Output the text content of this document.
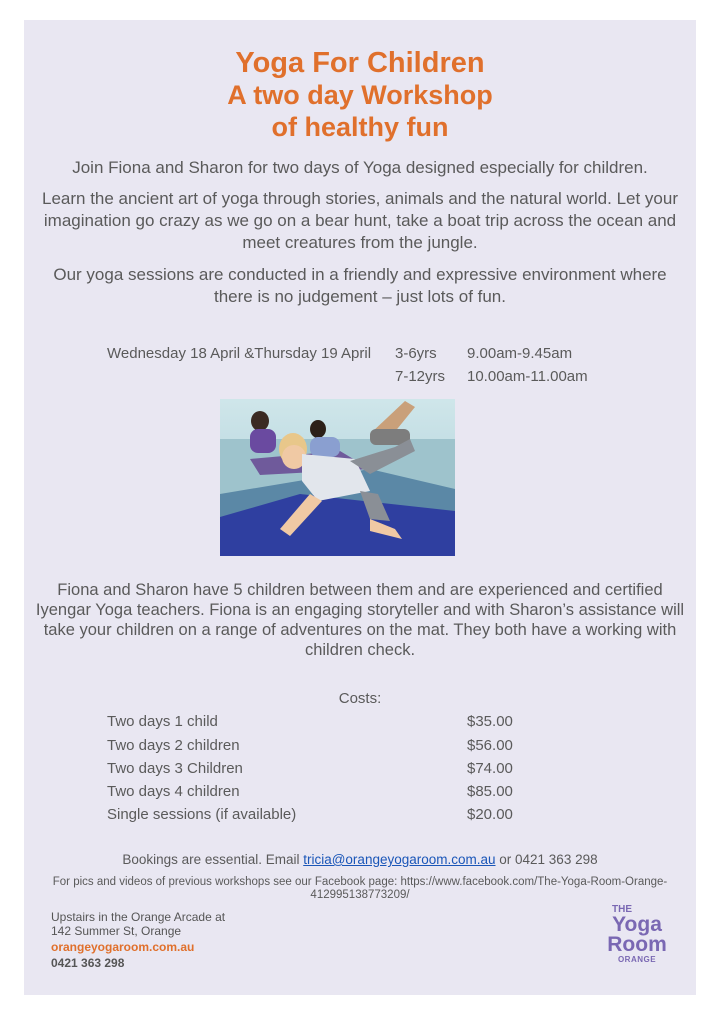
Yoga For Children
A two day Workshop
of healthy fun
Join Fiona and Sharon for two days of Yoga designed especially for children.
Learn the ancient art of yoga through stories, animals and the natural world. Let your imagination go crazy as we go on a bear hunt, take a boat trip across the ocean and meet creatures from the jungle.
Our yoga sessions are conducted in a friendly and expressive environment where there is no judgement – just lots of fun.
Wednesday 18 April &Thursday 19 April 3-6yrs 9.00am-9.45am
7-12yrs 10.00am-11.00am
Fiona and Sharon have 5 children between them and are experienced and certified Iyengar Yoga teachers. Fiona is an engaging storyteller and with Sharon’s assistance will take your children on a range of adventures on the mat. They both have a working with children check.
Costs:
Two days 1 child	$35.00
Two days 2 children	$56.00
Two days 3 Children	$74.00
Two days 4 children	$85.00
Single sessions (if available)	$20.00
Bookings are essential. Email tricia@orangeyogaroom.com.au or 0421 363 298
For pics and videos of previous workshops see our Facebook page: https://www.facebook.com/The-Yoga-Room-Orange-412995138773209/
Upstairs in the Orange Arcade at
142 Summer St, Orange
orangeyogaroom.com.au
0421 363 298
THE
Yoga
Room
ORANGE
